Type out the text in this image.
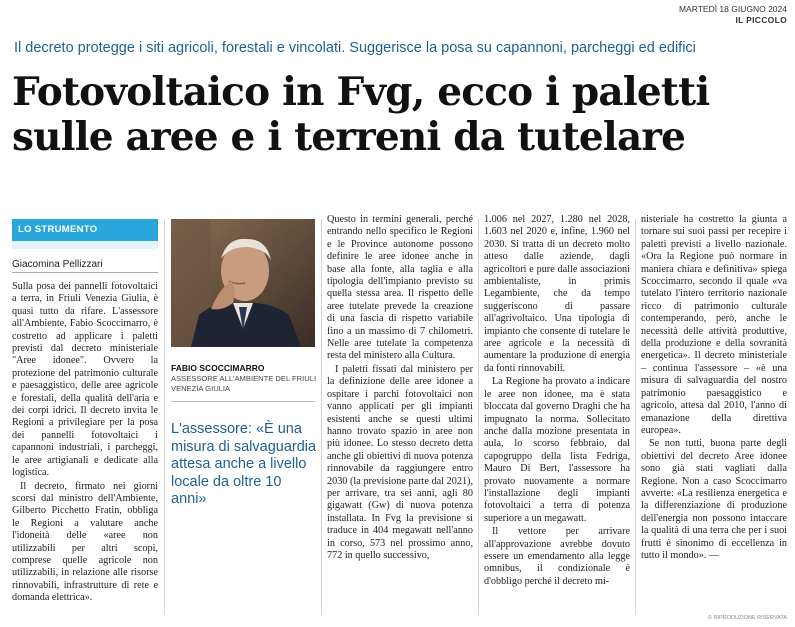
MARTEDÌ 18 GIUGNO 2024
IL PICCOLO
Il decreto protegge i siti agricoli, forestali e vincolati. Suggerisce la posa su capannoni, parcheggi ed edifici
Fotovoltaico in Fvg, ecco i paletti
sulle aree e i terreni da tutelare
LO STRUMENTO
Giacomina Pellizzari

Sulla posa dei pannelli fotovoltaici a terra, in Friuli Venezia Giulia, è quasi tutto da rifare. L'assessore all'Ambiente, Fabio Scoccimarro, è costretto ad applicare i paletti previsti dal decreto ministeriale "Aree idonee". Ovvero la protezione del patrimonio culturale e paesaggistico, delle aree agricole e forestali, della qualità dell'aria e dei corpi idrici. Il decreto invita le Regioni a privilegiare per la posa dei pannelli fotovoltaici i capannoni industriali, i parcheggi, le aree artigianali e dedicate alla logistica.

Il decreto, firmato nei giorni scorsi dal ministro dell'Ambiente, Gilberto Picchetto Fratin, obbliga le Regioni a valutare anche l'idoneità delle «aree non utilizzabili per altri scopi, comprese quelle agricole non utilizzabili, in relazione alle risorse rinnovabili, infrastrutture di rete e domanda elettrica».

FABIO SCOCCIMARRO
ASSESSORE ALL'AMBIENTE DEL FRIULI VENEZIA GIULIA
L'assessore: «È una misura di salvaguardia attesa anche a livello locale da oltre 10 anni»

Questo in termini generali, perché entrando nello specifico le Regioni e le Province autonome possono definire le aree idonee anche in base alla fonte, alla taglia e alla tipologia dell'impianto previsto su quella stessa area. Il rispetto delle aree tutelate prevede la creazione di una fascia di rispetto variabile fino a un massimo di 7 chilometri. Nelle aree tutelate la competenza resta del ministero alla Cultura.

I paletti fissati dal ministero per la definizione delle aree idonee a ospitare i parchi fotovoltaici non vanno applicati per gli impianti esistenti anche se questi ultimi hanno trovato spazio in aree non più idonee. Lo stesso decreto detta anche gli obiettivi di nuova potenza rinnovabile da raggiungere entro 2030 (la previsione parte dal 2021), per arrivare, tra sei anni, agli 80 gigawatt (Gw) di nuova potenza installata. In Fvg la previsione si traduce in 404 megawatt nell'anno in corso, 573 nel prossimo anno, 772 in quello successivo,

1.006 nel 2027, 1.280 nel 2028, 1.603 nel 2020 e, infine, 1.960 nel 2030. Si tratta di un decreto molto atteso dalle aziende, dagli agricoltori e pure dalle associazioni ambientaliste, in primis Legambiente, che da tempo suggeriscono di passare all'agrivoltaico. Una tipologia di impianto che consente di tutelare le aree agricole e la necessità di aumentare la produzione di energia da fonti rinnovabili.

La Regione ha provato a indicare le aree non idonee, ma è stata bloccata dal governo Draghi che ha impugnato la norma. Sollecitato anche dalla mozione presentata in aula, lo scorso febbraio, dal capogruppo della lista Fedriga, Mauro Di Bert, l'assessore ha provato nuovamente a normare l'installazione degli impianti fotovoltaici a terra di potenza superiore a un megawatt.

Il vettore per arrivare all'approvazione avrebbe dovuto essere un emendamento alla legge omnibus, il condizionale è d'obbligo perché il decreto mi-

nisteriale ha costretto la giunta a tornare sui suoi passi per recepire i paletti previsti a livello nazionale. «Ora la Regione può normare in maniera chiara e definitiva» spiega Scoccimarro, secondo il quale «va tutelato l'intero territorio nazionale ricco di patrimonio culturale contemperando, però, anche le necessità delle attività produttive, della produzione e della sovranità energetica». Il decreto ministeriale – continua l'assessore – «è una misura di salvaguardia del nostro patrimonio paesaggistico e agricolo, attesa dal 2010, l'anno di emanazione della direttiva europea».

Se non tutti, buona parte degli obiettivi del decreto Aree idonee sono già stati vagliati dalla Regione. Non a caso Scoccimarro avverte: «La resilienza energetica e la differenziazione di produzione dell'energia non possono intaccare la qualità di una terra che per i suoi frutti è sinonimo di eccellenza in tutto il mondo». —

© RIPRODUZIONE RISERVATA
